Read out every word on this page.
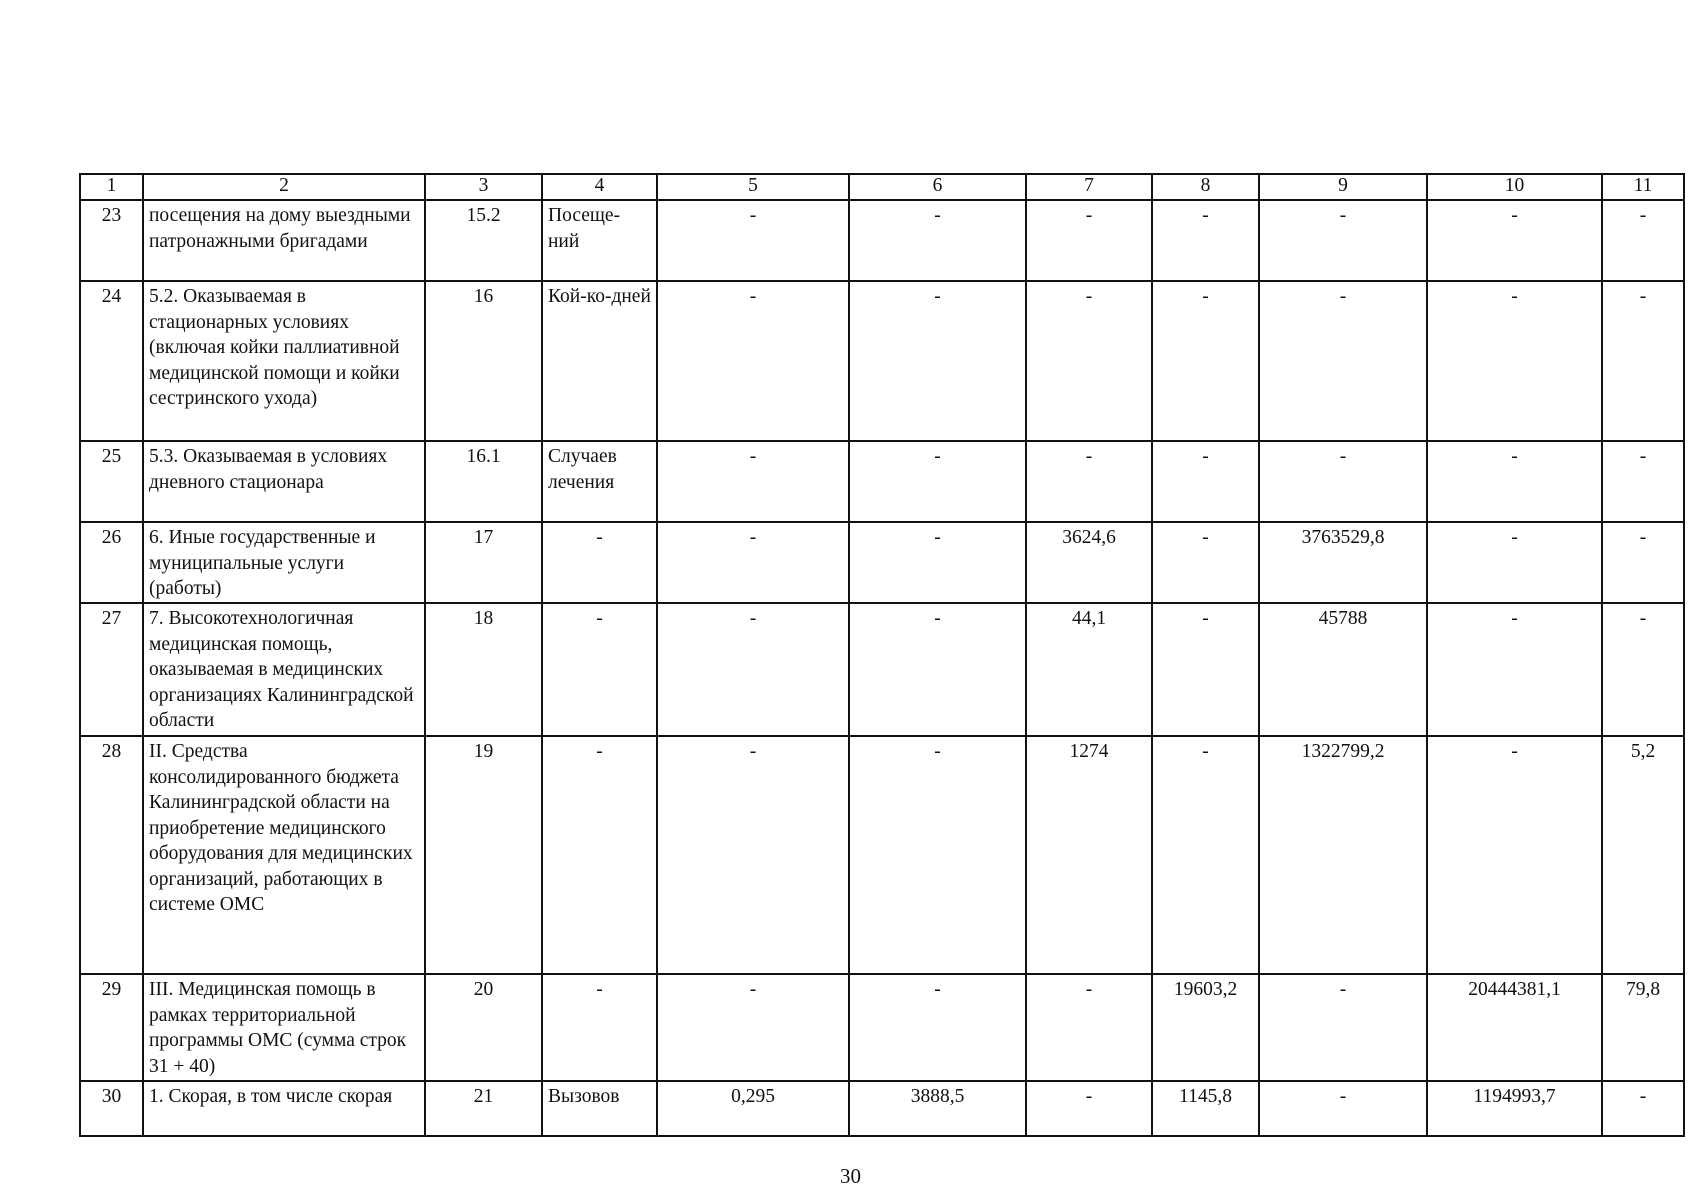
1	2	3	4	5	6	7	8	9	10	11
23	посещения на дому выездными патронажными бригадами	15.2	Посеще-ний	-	-	-	-	-	-	-
24	5.2. Оказываемая в стационарных условиях (включая койки паллиативной медицинской помощи и койки сестринского ухода)	16	Кой-ко-дней	-	-	-	-	-	-	-
25	5.3. Оказываемая в условиях дневного стационара	16.1	Случаев лечения	-	-	-	-	-	-	-
26	6. Иные государственные и муниципальные услуги (работы)	17	-	-	-	3624,6	-	3763529,8	-	-
27	7. Высокотехнологичная медицинская помощь, оказываемая в медицинских организациях Калининградской области	18	-	-	-	44,1	-	45788	-	-
28	II. Средства консолидированного бюджета Калининградской области на приобретение медицинского оборудования для медицинских организаций, работающих в системе ОМС	19	-	-	-	1274	-	1322799,2	-	5,2
29	III. Медицинская помощь в рамках территориальной программы ОМС (сумма строк 31 + 40)	20	-	-	-	-	19603,2	-	20444381,1	79,8
30	1. Скорая, в том числе скорая	21	Вызовов	0,295	3888,5	-	1145,8	-	1194993,7	-
30
